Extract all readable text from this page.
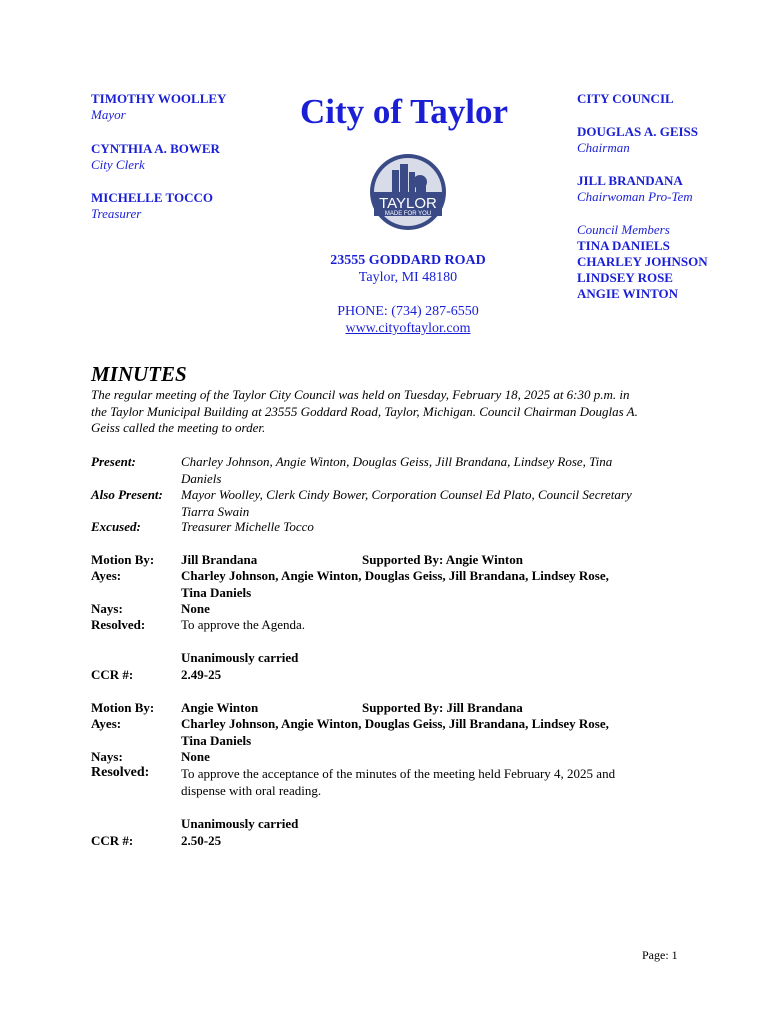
TIMOTHY WOOLLEY
Mayor
CYNTHIA A. BOWER
City Clerk
MICHELLE TOCCO
Treasurer
City of Taylor
TAYLOR
MADE FOR YOU
23555 GODDARD ROAD
Taylor, MI 48180
PHONE: (734) 287-6550
www.cityoftaylor.com
CITY COUNCIL
DOUGLAS A. GEISS
Chairman
JILL BRANDANA
Chairwoman Pro-Tem
Council Members
TINA DANIELS
CHARLEY JOHNSON
LINDSEY ROSE
ANGIE WINTON
MINUTES
The regular meeting of the Taylor City Council was held on Tuesday, February 18, 2025 at 6:30 p.m. in
the Taylor Municipal Building at 23555 Goddard Road, Taylor, Michigan. Council Chairman Douglas A.
Geiss called the meeting to order.
Present:	Charley Johnson, Angie Winton, Douglas Geiss, Jill Brandana, Lindsey Rose, Tina
Daniels
Also Present: Mayor Woolley, Clerk Cindy Bower, Corporation Counsel Ed Plato, Council Secretary
Tiarra Swain
Excused:	Treasurer Michelle Tocco
Motion By: Jill Brandana	Supported By: Angie Winton
Ayes:	Charley Johnson, Angie Winton, Douglas Geiss, Jill Brandana, Lindsey Rose,
Tina Daniels
Nays:	None
Resolved:	To approve the Agenda.
Unanimously carried
CCR #:	2.49-25
Motion By: Angie Winton	Supported By: Jill Brandana
Ayes:	Charley Johnson, Angie Winton, Douglas Geiss, Jill Brandana, Lindsey Rose,
Tina Daniels
Nays:	None
Resolved: To approve the acceptance of the minutes of the meeting held February 4, 2025 and
dispense with oral reading.
Unanimously carried
CCR #:	2.50-25
Page: 1
